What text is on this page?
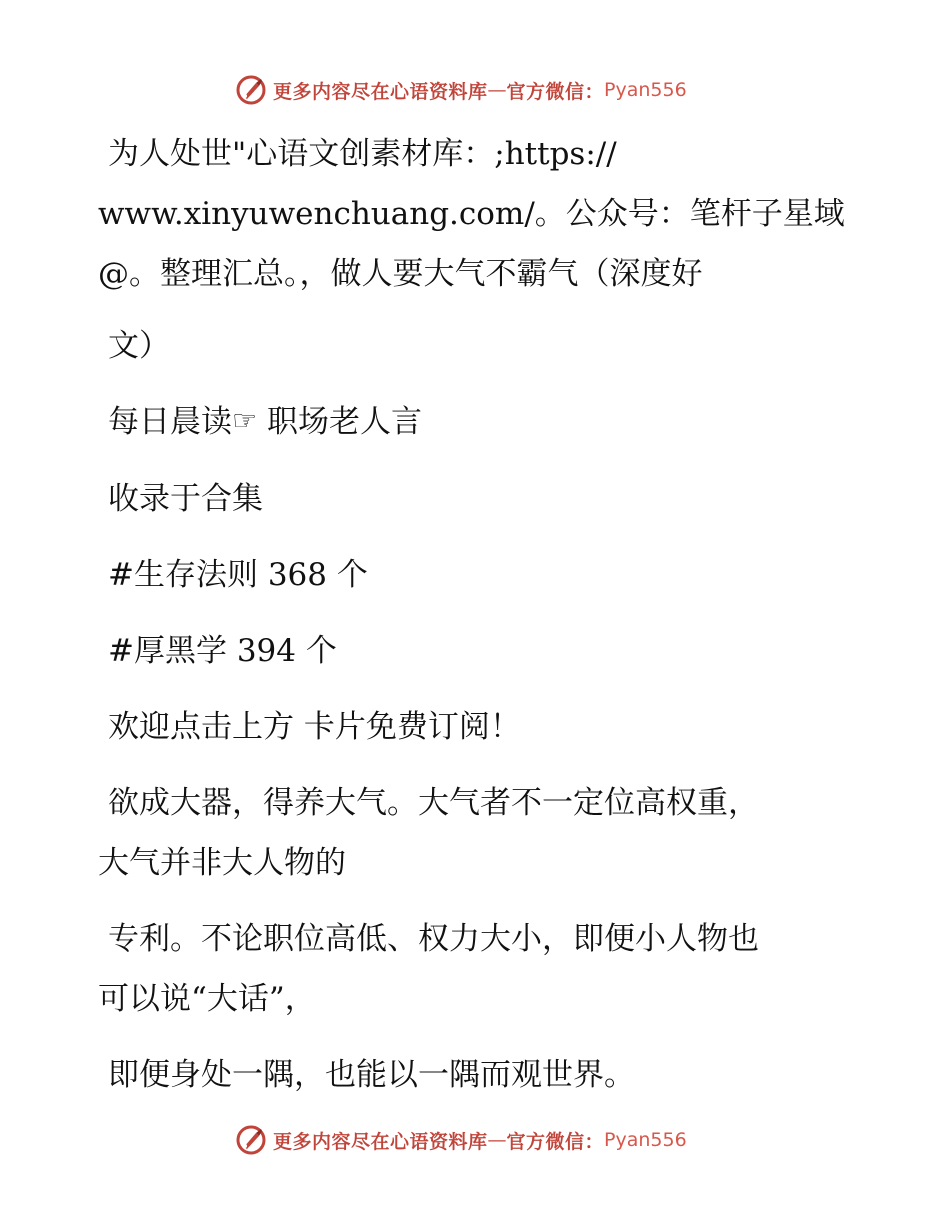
更多内容尽在心语资料库 — 官方微信： Pyan556
为人处世"心语文创素材库：;https://
www.xinyuwenchuang.com/。公众号：笔杆子星域
@。整理汇总。，做人要大气不霸气（深度好
文）
每日晨读☞ 职场老人言
收录于合集
#生存法则 368 个
#厚黑学 394 个
欢迎点击上方 卡片免费订阅！
欲成大器，得养大气。大气者不一定位高权重，
大气并非大人物的
专利。不论职位高低、权力大小，即便小人物也
可以说“大话”，
即便身处一隅，也能以一隅而观世界。
更多内容尽在心语资料库 — 官方微信： Pyan556
